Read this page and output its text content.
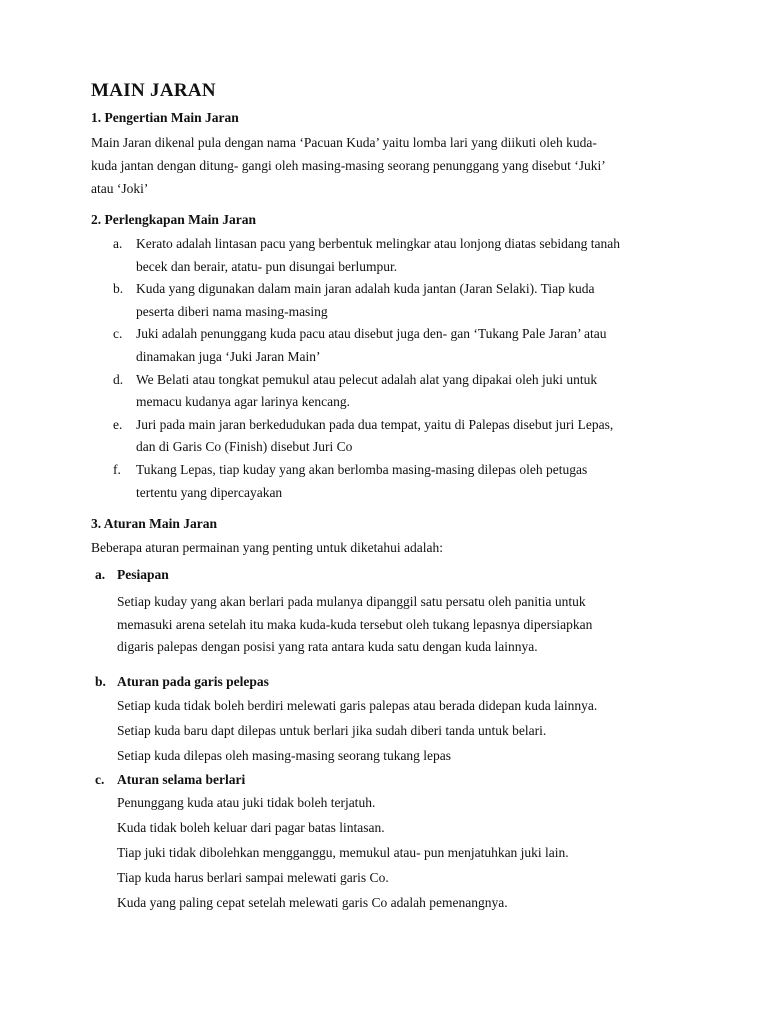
MAIN JARAN

1. Pengertian Main Jaran

Main Jaran dikenal pula dengan nama ‘Pacuan Kuda’ yaitu lomba lari yang diikuti oleh kuda-
kuda jantan dengan ditung- gangi oleh masing-masing seorang penunggang yang disebut ‘Juki’
atau ‘Joki’

2. Perlengkapan Main Jaran

a.	Kerato adalah lintasan pacu yang berbentuk melingkar atau lonjong diatas sebidang tanah
becek dan berair, atatu- pun disungai berlumpur.
b. Kuda yang digunakan dalam main jaran adalah kuda jantan (Jaran Selaki). Tiap kuda
peserta diberi nama masing-masing
c.	Juki adalah penunggang kuda pacu atau disebut juga den- gan ‘Tukang Pale Jaran’ atau
dinamakan juga ‘Juki Jaran Main’
d. We Belati atau tongkat pemukul atau pelecut adalah alat yang dipakai oleh juki untuk
memacu kudanya agar larinya kencang.
e.	Juri pada main jaran berkedudukan pada dua tempat, yaitu di Palepas disebut juri Lepas,
dan di Garis Co (Finish) disebut Juri Co
f.	Tukang Lepas, tiap kuday yang akan berlomba masing-masing dilepas oleh petugas
tertentu yang dipercayakan

3. Aturan Main Jaran

Beberapa aturan permainan yang penting untuk diketahui adalah:

a. Pesiapan

Setiap kuday yang akan berlari pada mulanya dipanggil satu persatu oleh panitia untuk

memasuki arena setelah itu maka kuda-kuda tersebut oleh tukang lepasnya dipersiapkan

digaris palepas dengan posisi yang rata antara kuda satu dengan kuda lainnya.

b. Aturan pada garis pelepas

Setiap kuda tidak boleh berdiri melewati garis palepas atau berada didepan kuda lainnya.

Setiap kuda baru dapt dilepas untuk berlari jika sudah diberi tanda untuk belari.

Setiap kuda dilepas oleh masing-masing seorang tukang lepas

c. Aturan selama berlari

Penunggang kuda atau juki tidak boleh terjatuh.

Kuda tidak boleh keluar dari pagar batas lintasan.

Tiap juki tidak dibolehkan mengganggu, memukul atau- pun menjatuhkan juki lain.

Tiap kuda harus berlari sampai melewati garis Co.

Kuda yang paling cepat setelah melewati garis Co adalah pemenangnya.
